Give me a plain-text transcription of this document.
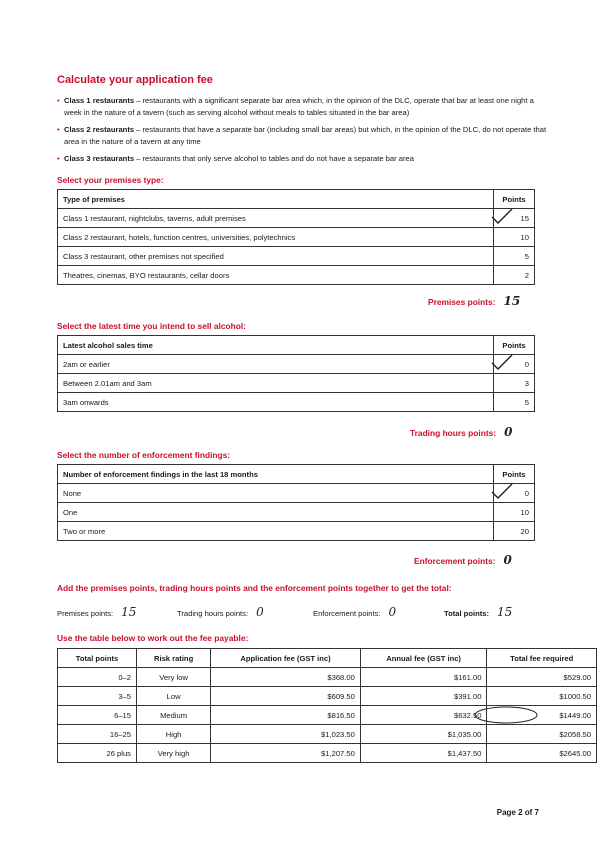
Calculate your application fee
• Class 1 restaurants – restaurants with a significant separate bar area which, in the opinion of the DLC, operate that bar at least one night a week in the nature of a tavern (such as serving alcohol without meals to tables situated in the bar area)
• Class 2 restaurants – restaurants that have a separate bar (including small bar areas) but which, in the opinion of the DLC, do not operate that area in the nature of a tavern at any time
• Class 3 restaurants – restaurants that only serve alcohol to tables and do not have a separate bar area
Select your premises type:
Type of premises	Points
Class 1 restaurant, nightclubs, taverns, adult premises	15
Class 2 restaurant, hotels, function centres, universities, polytechnics	10
Class 3 restaurant, other premises not specified	5
Theatres, cinemas, BYO restaurants, cellar doors	2
Premises points: 15
Select the latest time you intend to sell alcohol:
Latest alcohol sales time	Points
2am or earlier	0
Between 2.01am and 3am	3
3am onwards	5
Trading hours points: 0
Select the number of enforcement findings:
Number of enforcement findings in the last 18 months	Points
None	0
One	10
Two or more	20
Enforcement points: 0
Add the premises points, trading hours points and the enforcement points together to get the total:
Premises points: 15	Trading hours points: 0	Enforcement points: 0	Total points: 15
Use the table below to work out the fee payable:
Total points	Risk rating	Application fee (GST inc)	Annual fee (GST inc)	Total fee required
0–2	Very low	$368.00	$161.00	$529.00
3–5	Low	$609.50	$391.00	$1000.50
6–15	Medium	$816.50	$632.50	$1449.00
16–25	High	$1,023.50	$1,035.00	$2058.50
26 plus	Very high	$1,207.50	$1,437.50	$2645.00
Page 2 of 7
